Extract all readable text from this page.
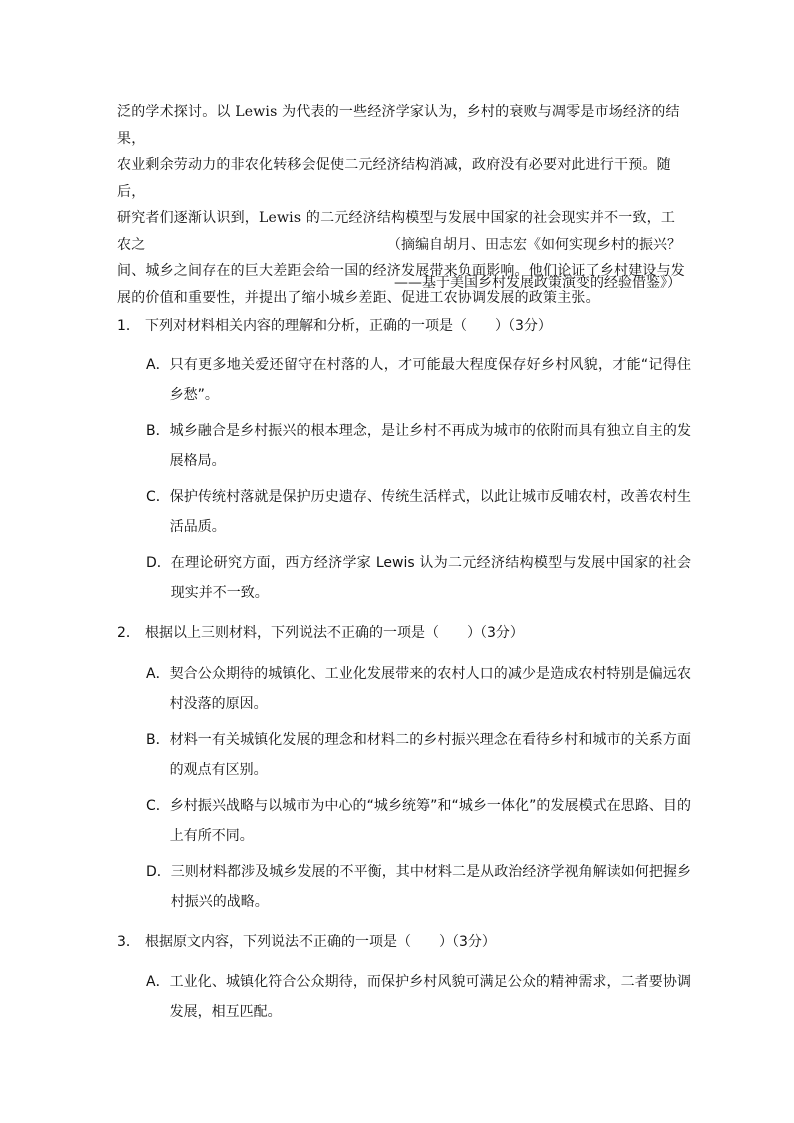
泛的学术探讨。以 Lewis 为代表的一些经济学家认为，乡村的衰败与凋零是市场经济的结果，

农业剩余劳动力的非农化转移会促使二元经济结构消减，政府没有必要对此进行干预。随后，

研究者们逐渐认识到，Lewis 的二元经济结构模型与发展中国家的社会现实并不一致，工农之

间、城乡之间存在的巨大差距会给一国的经济发展带来负面影响。他们论证了乡村建设与发

展的价值和重要性，并提出了缩小城乡差距、促进工农协调发展的政策主张。

（摘编自胡月、田志宏《如何实现乡村的振兴？
——基于美国乡村发展政策演变的经验借鉴》）
1． 下列对材料相关内容的理解和分析，正确的一项是 （　　）
（3分）
A． 只有更多地关爱还留守在村落的人，才可能最大程度保存好乡村风貌，才能“记得住乡愁”。
B． 城乡融合是乡村振兴的根本理念，是让乡村不再成为城市的依附而具有独立自主的发展格局。
C． 保护传统村落就是保护历史遗存、传统生活样式，以此让城市反哺农村，改善农村生活品质。
D． 在理论研究方面，西方经济学家 Lewis 认为二元经济结构模型与发展中国家的社会现实并不一致。
2． 根据以上三则材料，下列说法不正确的一项是 （　　）
（3分）
A． 契合公众期待的城镇化、工业化发展带来的农村人口的减少是造成农村特别是偏远农村没落的原因。
B． 材料一有关城镇化发展的理念和材料二的乡村振兴理念在看待乡村和城市的关系方面的观点有区别。
C． 乡村振兴战略与以城市为中心的“城乡统筹”和“城乡一体化”的发展模式在思路、目的上有所不同。
D． 三则材料都涉及城乡发展的不平衡，其中材料二是从政治经济学视角解读如何把握乡村振兴的战略。
3． 根据原文内容，下列说法不正确的一项是 （　　）
（3分）
A． 工业化、城镇化符合公众期待，而保护乡村风貌可满足公众的精神需求，二者要协调发展，相互匹配。
